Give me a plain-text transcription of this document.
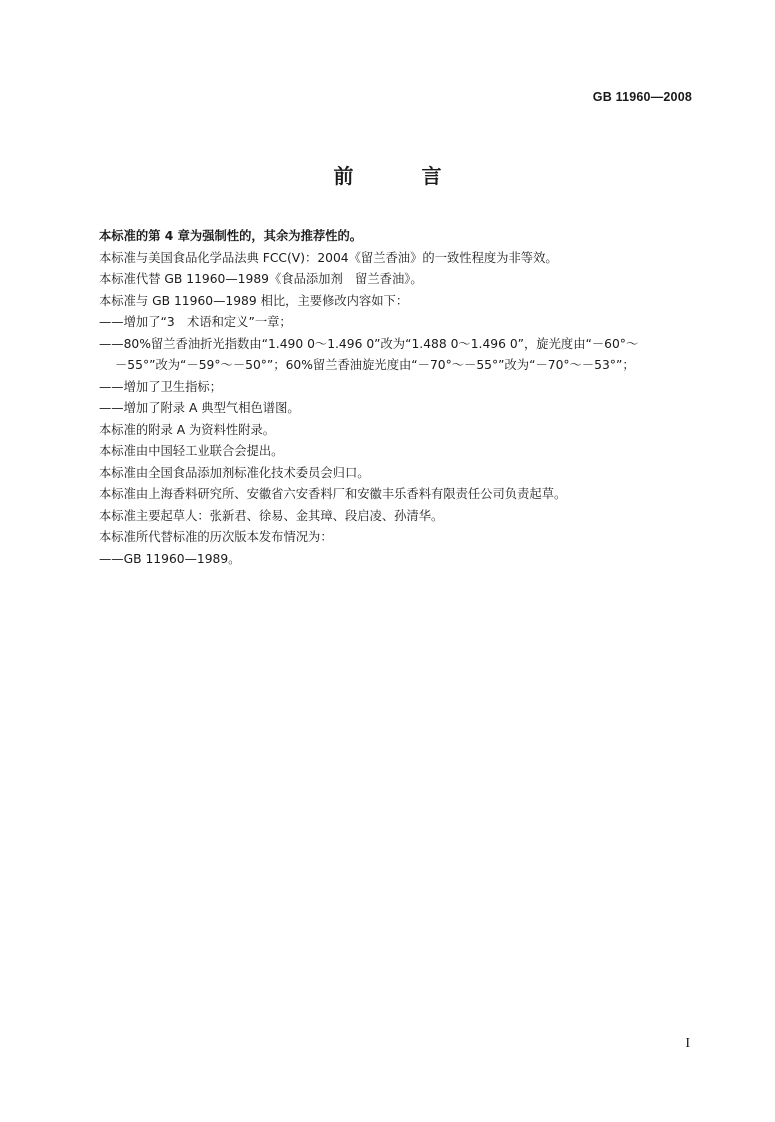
GB 11960—2008
前　言
本标准的第 4 章为强制性的，其余为推荐性的。
本标准与美国食品化学品法典 FCC(Ⅴ)：2004《留兰香油》的一致性程度为非等效。
本标准代替 GB 11960—1989《食品添加剂　留兰香油》。
本标准与 GB 11960—1989 相比，主要修改内容如下：
——增加了“3　术语和定义”一章；
——80%留兰香油折光指数由“1.490 0～1.496 0”改为“1.488 0～1.496 0”，旋光度由“－60°～
－55°”改为“－59°～－50°”；60%留兰香油旋光度由“－70°～－55°”改为“－70°～－53°”；
——增加了卫生指标；
——增加了附录 A 典型气相色谱图。
本标准的附录 A 为资料性附录。
本标准由中国轻工业联合会提出。
本标准由全国食品添加剂标准化技术委员会归口。
本标准由上海香料研究所、安徽省六安香料厂和安徽丰乐香料有限责任公司负责起草。
本标准主要起草人：张新君、徐易、金其璋、段启凌、孙清华。
本标准所代替标准的历次版本发布情况为：
——GB 11960—1989。
I
